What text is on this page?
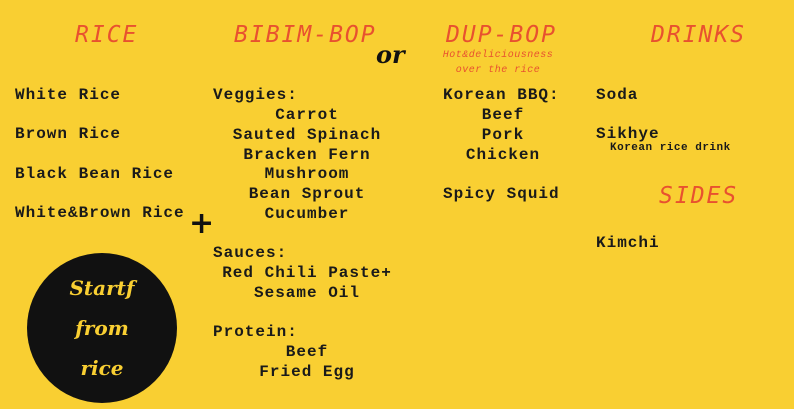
RICE
White Rice
Brown Rice
Black Bean Rice
White&Brown Rice
Startf
from
rice
+
BIBIM-BOP
Veggies:
Carrot
Sauted Spinach
Bracken Fern
Mushroom
Bean Sprout
Cucumber
Sauces:
Red Chili Paste+
Sesame Oil
Protein:
Beef
Fried Egg
or
DUP-BOP
Hot&deliciousness
over the rice
Korean BBQ:
Beef
Pork
Chicken
Spicy Squid
DRINKS
Soda
Sikhye
Korean rice drink
SIDES
Kimchi
